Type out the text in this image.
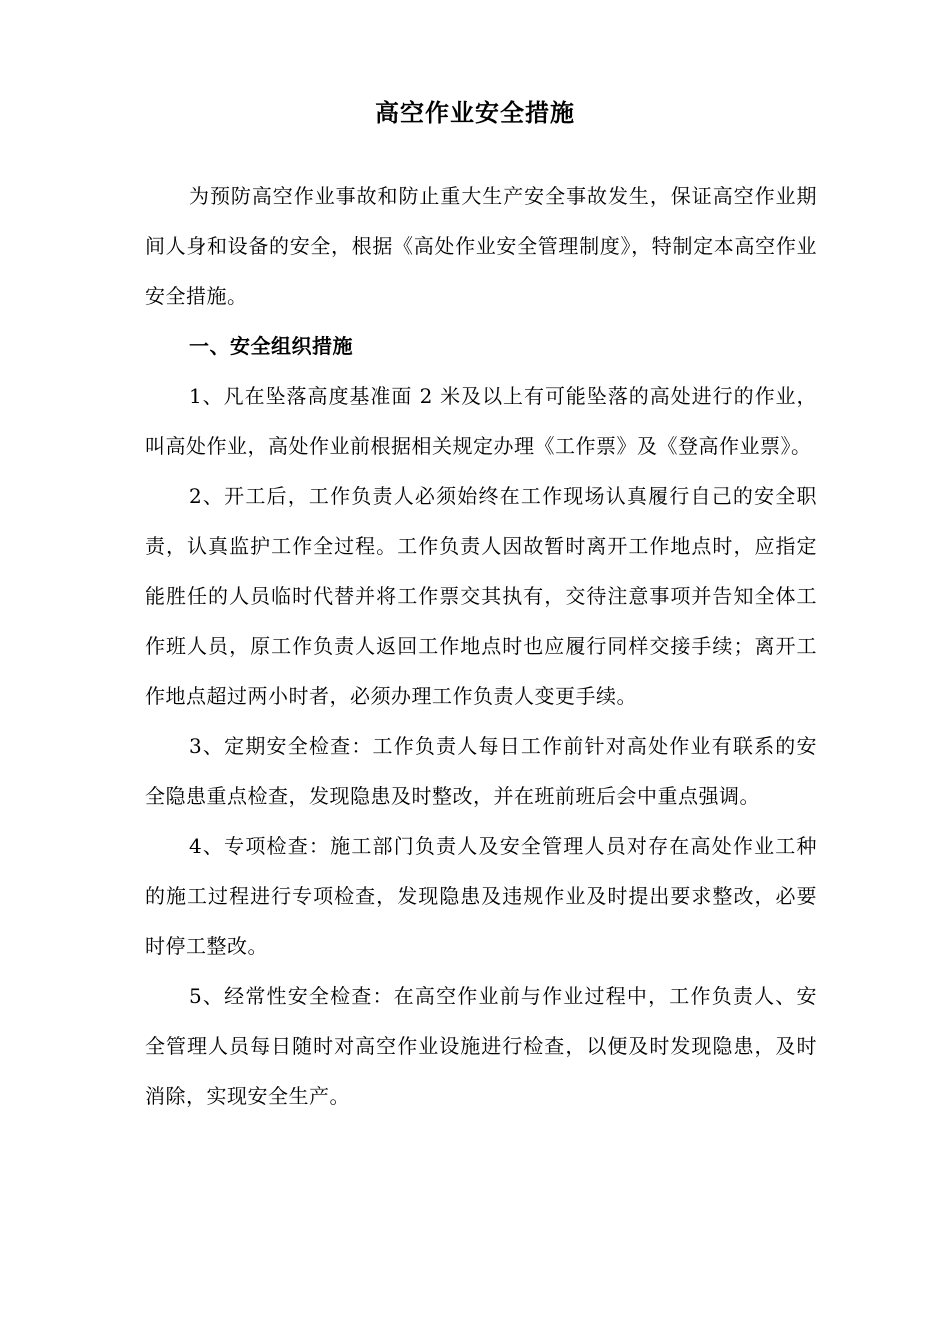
高空作业安全措施

为预防高空作业事故和防止重大生产安全事故发生，保证高空作业期间人身和设备的安全，根据《高处作业安全管理制度》，特制定本高空作业安全措施。

一、安全组织措施

1、凡在坠落高度基准面 2 米及以上有可能坠落的高处进行的作业，叫高处作业，高处作业前根据相关规定办理《工作票》及《登高作业票》。

2、开工后，工作负责人必须始终在工作现场认真履行自己的安全职责，认真监护工作全过程。工作负责人因故暂时离开工作地点时，应指定能胜任的人员临时代替并将工作票交其执有，交待注意事项并告知全体工作班人员，原工作负责人返回工作地点时也应履行同样交接手续；离开工作地点超过两小时者，必须办理工作负责人变更手续。

3、定期安全检查：工作负责人每日工作前针对高处作业有联系的安全隐患重点检查，发现隐患及时整改，并在班前班后会中重点强调。

4、专项检查：施工部门负责人及安全管理人员对存在高处作业工种的施工过程进行专项检查，发现隐患及违规作业及时提出要求整改，必要时停工整改。

5、经常性安全检查：在高空作业前与作业过程中，工作负责人、安全管理人员每日随时对高空作业设施进行检查，以便及时发现隐患，及时消除，实现安全生产。
